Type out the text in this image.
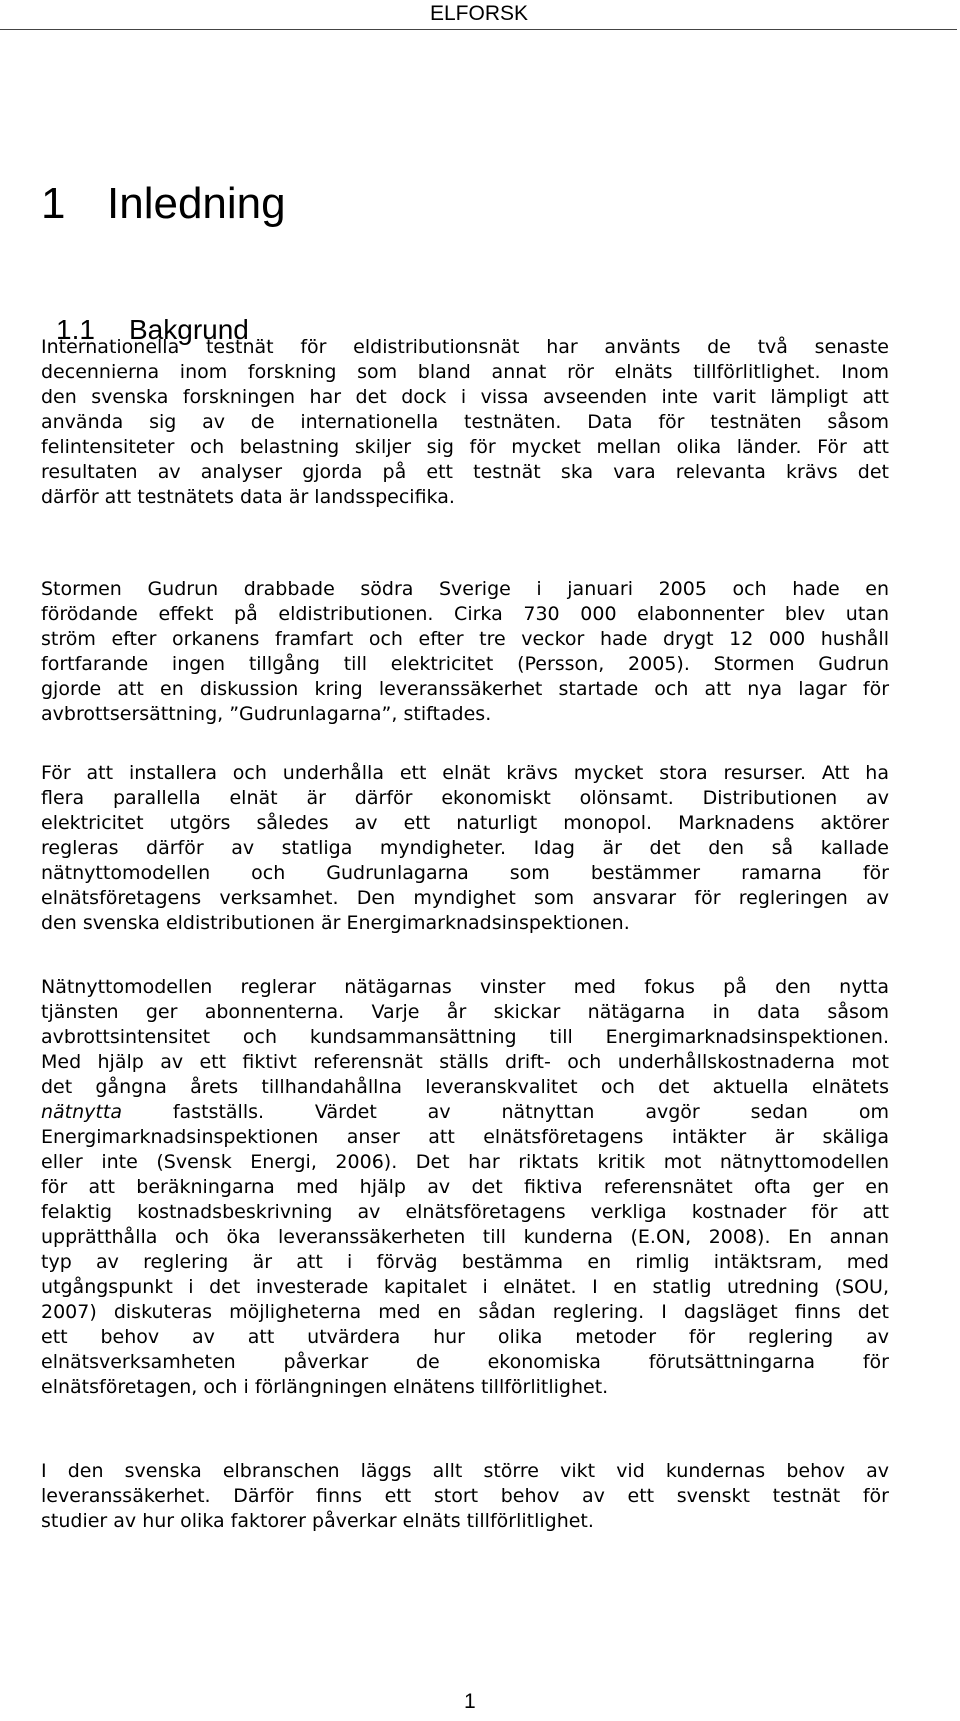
ELFORSK
1 Inledning
1.1 Bakgrund

Internationella testnät för eldistributionsnät har använts de två senaste
decennierna inom forskning som bland annat rör elnäts tillförlitlighet. Inom
den svenska forskningen har det dock i vissa avseenden inte varit lämpligt att
använda sig av de internationella testnäten. Data för testnäten såsom
felintensiteter och belastning skiljer sig för mycket mellan olika länder. För att
resultaten av analyser gjorda på ett testnät ska vara relevanta krävs det
därför att testnätets data är landsspecifika.

Stormen Gudrun drabbade södra Sverige i januari 2005 och hade en
förödande effekt på eldistributionen. Cirka 730 000 elabonnenter blev utan
ström efter orkanens framfart och efter tre veckor hade drygt 12 000 hushåll
fortfarande ingen tillgång till elektricitet (Persson, 2005). Stormen Gudrun
gjorde att en diskussion kring leveranssäkerhet startade och att nya lagar för
avbrottsersättning, ”Gudrunlagarna”, stiftades.

För att installera och underhålla ett elnät krävs mycket stora resurser. Att ha
flera parallella elnät är därför ekonomiskt olönsamt. Distributionen av
elektricitet utgörs således av ett naturligt monopol. Marknadens aktörer
regleras därför av statliga myndigheter. Idag är det den så kallade
nätnyttomodellen och Gudrunlagarna som bestämmer ramarna för
elnätsföretagens verksamhet. Den myndighet som ansvarar för regleringen av
den svenska eldistributionen är Energimarknadsinspektionen.

Nätnyttomodellen reglerar nätägarnas vinster med fokus på den nytta
tjänsten ger abonnenterna. Varje år skickar nätägarna in data såsom
avbrottsintensitet och kundsammansättning till Energimarknadsinspektionen.
Med hjälp av ett fiktivt referensnät ställs drift- och underhållskostnaderna mot
det gångna årets tillhandahållna leveranskvalitet och det aktuella elnätets
nätnytta fastställs. Värdet av nätnyttan avgör sedan om
Energimarknadsinspektionen anser att elnätsföretagens intäkter är skäliga
eller inte (Svensk Energi, 2006). Det har riktats kritik mot nätnyttomodellen
för att beräkningarna med hjälp av det fiktiva referensnätet ofta ger en
felaktig kostnadsbeskrivning av elnätsföretagens verkliga kostnader för att
upprätthålla och öka leveranssäkerheten till kunderna (E.ON, 2008). En annan
typ av reglering är att i förväg bestämma en rimlig intäktsram, med
utgångspunkt i det investerade kapitalet i elnätet. I en statlig utredning (SOU,
2007) diskuteras möjligheterna med en sådan reglering. I dagsläget finns det
ett behov av att utvärdera hur olika metoder för reglering av
elnätsverksamheten påverkar de ekonomiska förutsättningarna för
elnätsföretagen, och i förlängningen elnätens tillförlitlighet.

I den svenska elbranschen läggs allt större vikt vid kundernas behov av
leveranssäkerhet. Därför finns ett stort behov av ett svenskt testnät för
studier av hur olika faktorer påverkar elnäts tillförlitlighet.

1
